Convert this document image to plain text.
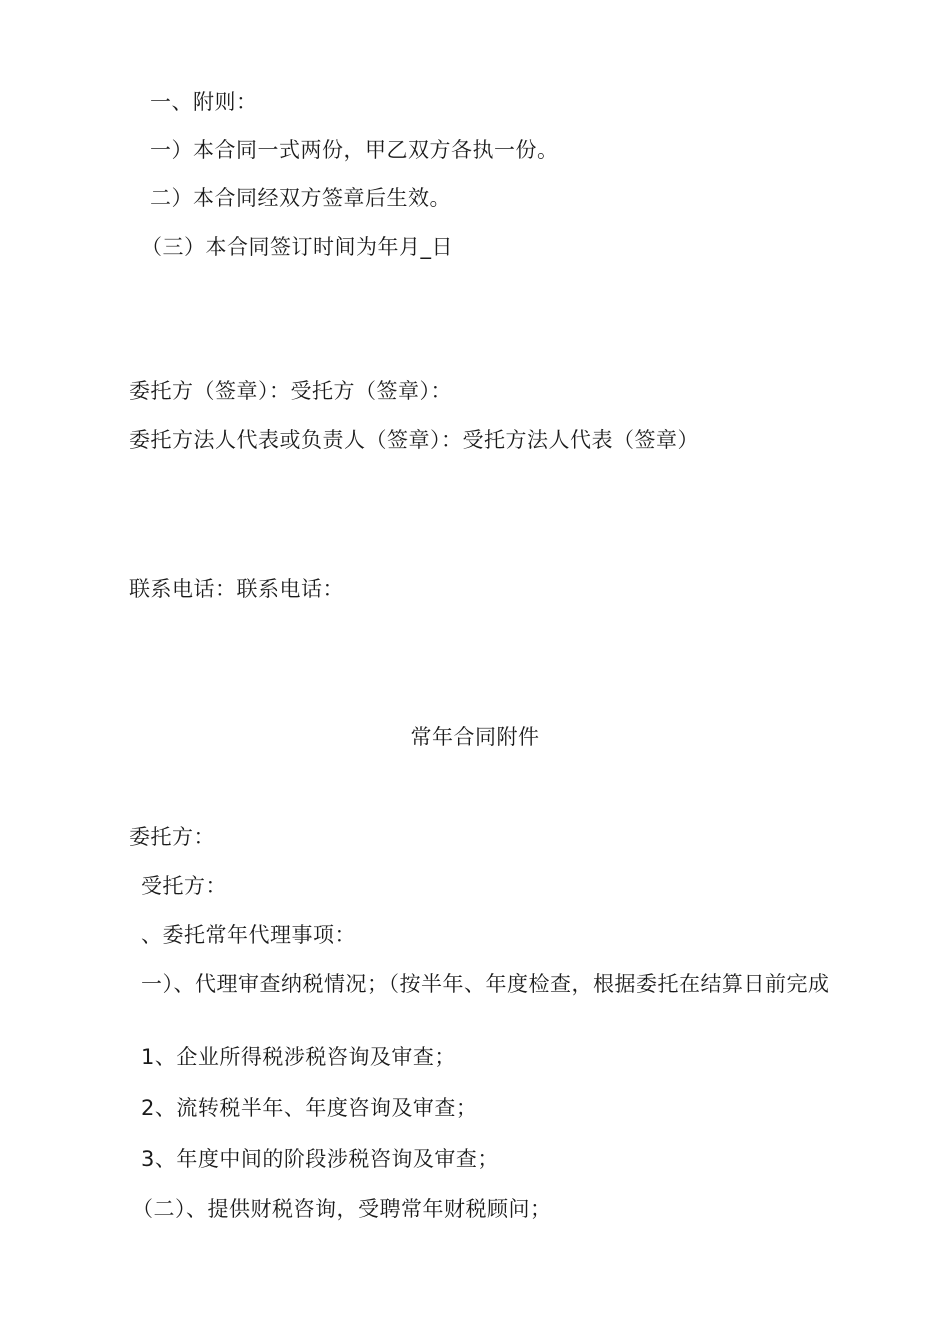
一、附则：
一）本合同一式两份，甲乙双方各执一份。
二）本合同经双方签章后生效。
（三）本合同签订时间为年月_日
委托方（签章）：受托方（签章）：
委托方法人代表或负责人（签章）：受托方法人代表（签章）
联系电话：联系电话：
常年合同附件
委托方：
受托方：
、委托常年代理事项：
一）、代理审查纳税情况；（按半年、年度检查，根据委托在结算日前完成
1、企业所得税涉税咨询及审查；
2、流转税半年、年度咨询及审查；
3、年度中间的阶段涉税咨询及审查；
（二）、提供财税咨询，受聘常年财税顾问；
